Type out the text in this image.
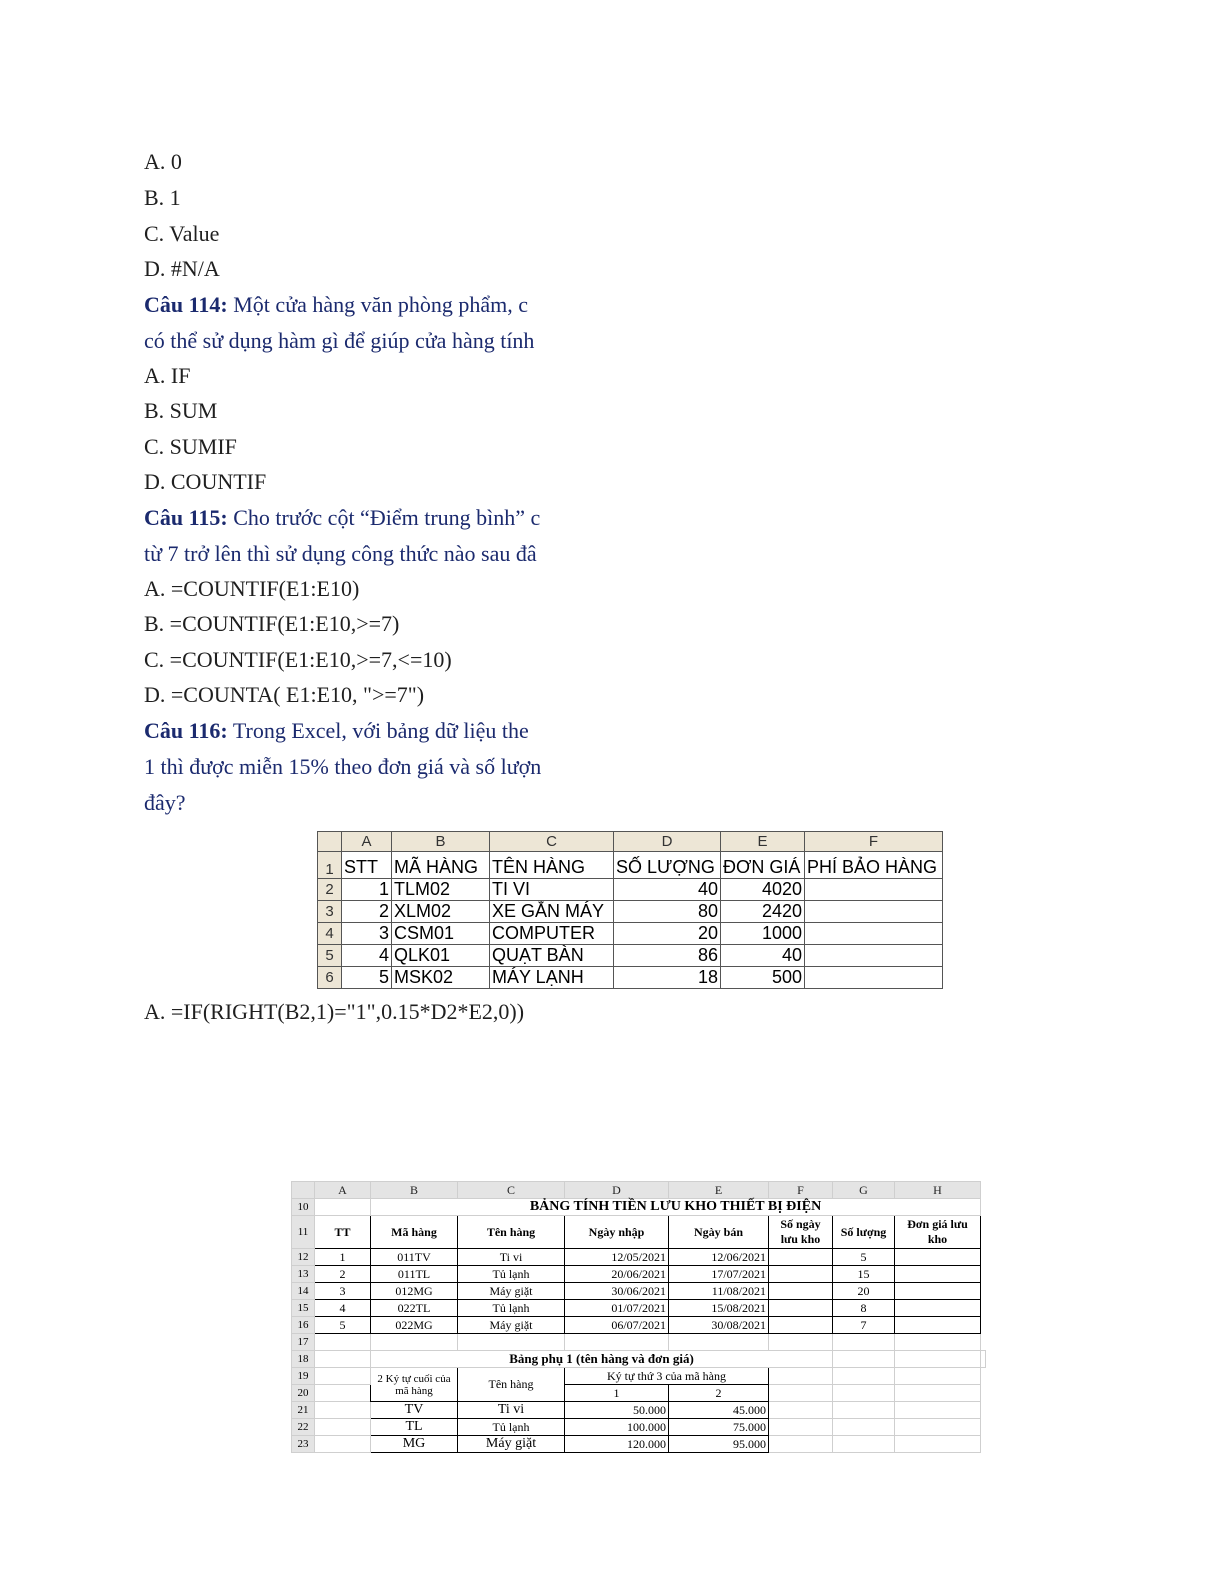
A. 0
B. 1
C. Value
D. #N/A
Câu 114: Một cửa hàng văn phòng phẩm, c
có thể sử dụng hàm gì để giúp cửa hàng tính
A. IF
B. SUM
C. SUMIF
D. COUNTIF
Câu 115: Cho trước cột “Điểm trung bình” c
từ 7 trở lên thì sử dụng công thức nào sau đâ
A. =COUNTIF(E1:E10)
B. =COUNTIF(E1:E10,>=7)
C. =COUNTIF(E1:E10,>=7,<=10)
D. =COUNTA( E1:E10, ">=7")
Câu 116: Trong Excel, với bảng dữ liệu the
1 thì được miễn 15% theo đơn giá và số lượn
đây?
A. =IF(RIGHT(B2,1)="1",0.15*D2*E2,0))
	A	B	C	D	E	F
1	STT	MÃ HÀNG	TÊN HÀNG	SỐ LƯỢNG	ĐƠN GIÁ	PHÍ BẢO HÀNG
2	1	TLM02	TI VI	40	4020	
3	2	XLM02	XE GẮN MÁY	80	2420	
4	3	CSM01	COMPUTER	20	1000	
5	4	QLK01	QUẠT BÀN	86	40	
6	5	MSK02	MÁY LẠNH	18	500	
	A	B	C	D	E	F	G	H	
10		BẢNG TÍNH TIỀN LƯU KHO THIẾT BỊ ĐIỆN							
11	TT	Mã hàng	Tên hàng	Ngày nhập	Ngày bán	Số ngày lưu kho	Số lượng	Đơn giá lưu kho	
12	1	011TV	Ti vi	12/05/2021	12/06/2021		5		
13	2	011TL	Tủ lạnh	20/06/2021	17/07/2021		15		
14	3	012MG	Máy giặt	30/06/2021	11/08/2021		20		
15	4	022TL	Tủ lạnh	01/07/2021	15/08/2021		8		
16	5	022MG	Máy giặt	06/07/2021	30/08/2021		7		
17									
18		Bảng phụ 1 (tên hàng và đơn giá)							
19		2 Ký tự cuối của mã hàng	Tên hàng	Ký tự thứ 3 của mã hàng					
20				1	2				
21		TV	Ti vi	50.000	45.000				
22		TL	Tủ lạnh	100.000	75.000				
23		MG	Máy giặt	120.000	95.000				
